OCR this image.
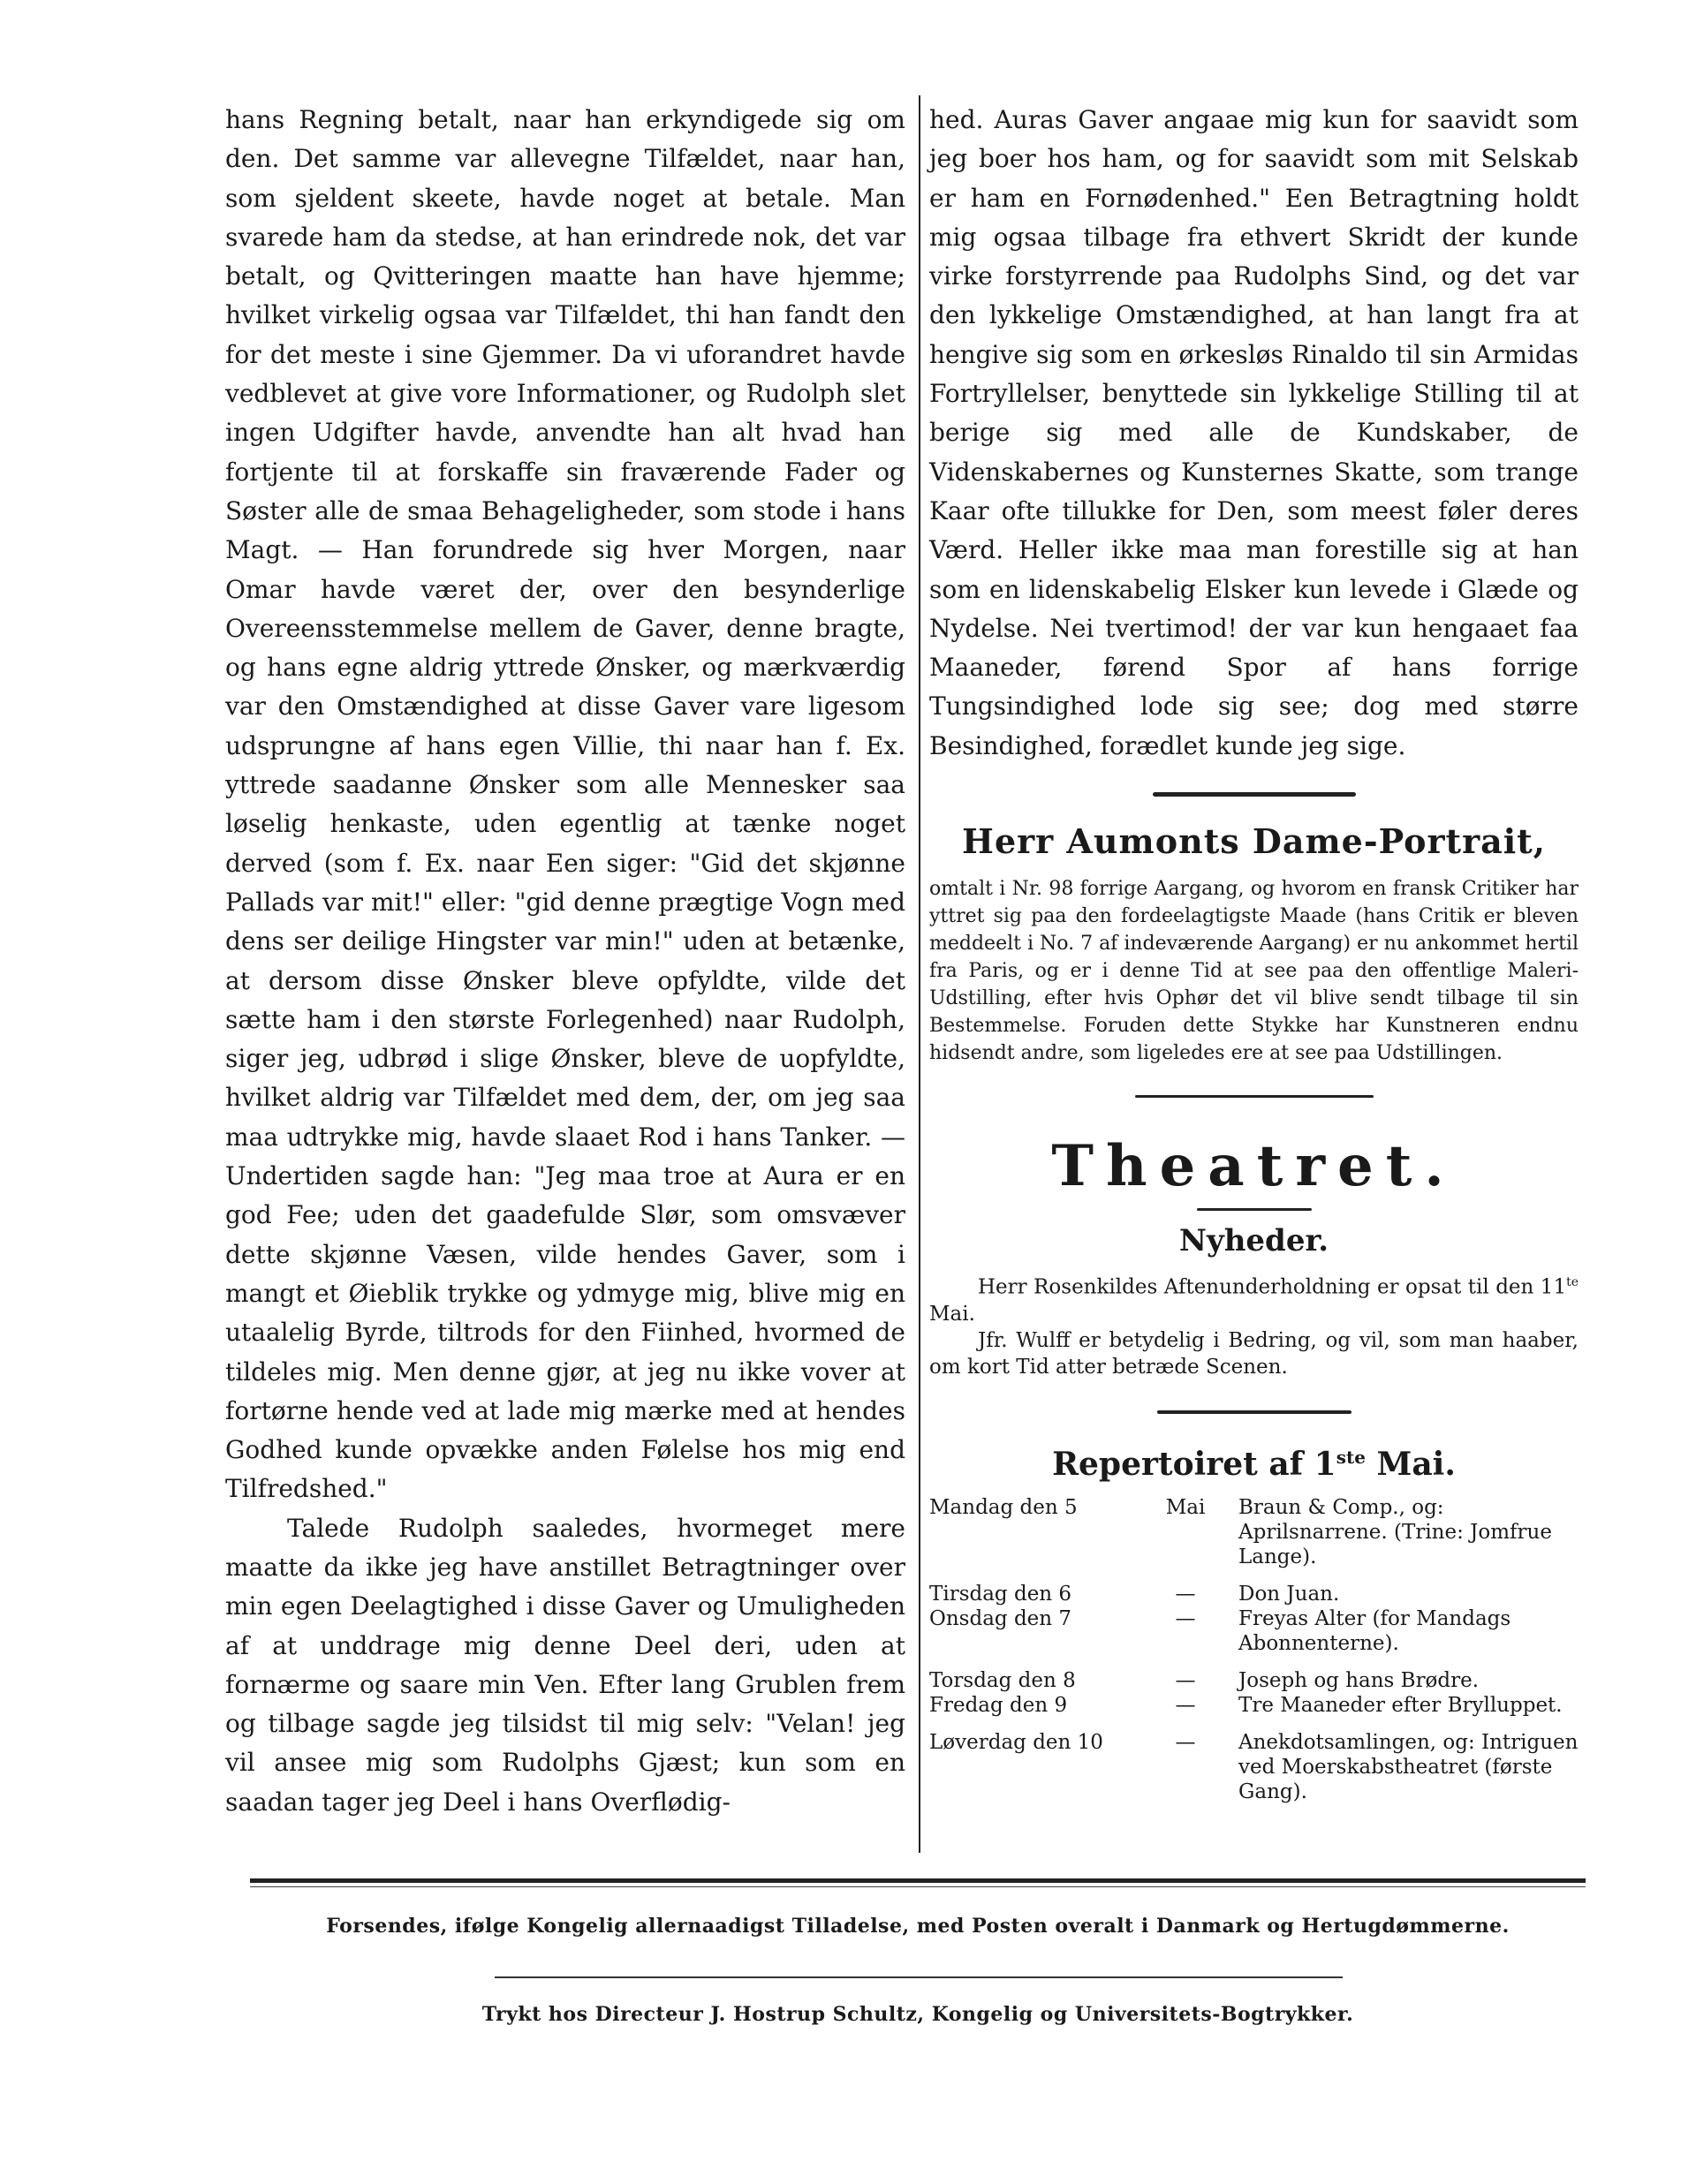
hans Regning betalt, naar han erkyndigede sig om den. Det samme var allevegne Tilfældet, naar han, som sjeldent skeete, havde noget at betale. Man svarede ham da stedse, at han erindrede nok, det var betalt, og Qvitteringen maatte han have hjemme; hvilket virkelig ogsaa var Tilfældet, thi han fandt den for det meste i sine Gjemmer. Da vi uforandret havde vedblevet at give vore Informationer, og Rudolph slet ingen Udgifter havde, anvendte han alt hvad han fortjente til at forskaffe sin fraværende Fader og Søster alle de smaa Behageligheder, som stode i hans Magt. — Han forundrede sig hver Morgen, naar Omar havde været der, over den besynderlige Overeensstemmelse mellem de Gaver, denne bragte, og hans egne aldrig yttrede Ønsker, og mærkværdig var den Omstændighed at disse Gaver vare ligesom udsprungne af hans egen Villie, thi naar han f. Ex. yttrede saadanne Ønsker som alle Mennesker saa løselig henkaste, uden egentlig at tænke noget derved (som f. Ex. naar Een siger: "Gid det skjønne Pallads var mit!" eller: "gid denne prægtige Vogn med dens ser deilige Hingster var min!" uden at betænke, at dersom disse Ønsker bleve opfyldte, vilde det sætte ham i den største Forlegenhed) naar Rudolph, siger jeg, udbrød i slige Ønsker, bleve de uopfyldte, hvilket aldrig var Tilfældet med dem, der, om jeg saa maa udtrykke mig, havde slaaet Rod i hans Tanker. — Undertiden sagde han: "Jeg maa troe at Aura er en god Fee; uden det gaadefulde Slør, som omsvæver dette skjønne Væsen, vilde hendes Gaver, som i mangt et Øieblik trykke og ydmyge mig, blive mig en utaalelig Byrde, tiltrods for den Fiinhed, hvormed de tildeles mig. Men denne gjør, at jeg nu ikke vover at fortørne hende ved at lade mig mærke med at hendes Godhed kunde opvække anden Følelse hos mig end Tilfredshed."

Talede Rudolph saaledes, hvormeget mere maatte da ikke jeg have anstillet Betragtninger over min egen Deelagtighed i disse Gaver og Umuligheden af at unddrage mig denne Deel deri, uden at fornærme og saare min Ven. Efter lang Grublen frem og tilbage sagde jeg tilsidst til mig selv: "Velan! jeg vil ansee mig som Rudolphs Gjæst; kun som en saadan tager jeg Deel i hans Overflødig-

hed. Auras Gaver angaae mig kun for saavidt som jeg boer hos ham, og for saavidt som mit Selskab er ham en Fornødenhed." Een Betragtning holdt mig ogsaa tilbage fra ethvert Skridt der kunde virke forstyrrende paa Rudolphs Sind, og det var den lykkelige Omstændighed, at han langt fra at hengive sig som en ørkesløs Rinaldo til sin Armidas Fortryllelser, benyttede sin lykkelige Stilling til at berige sig med alle de Kundskaber, de Videnskabernes og Kunsternes Skatte, som trange Kaar ofte tillukke for Den, som meest føler deres Værd. Heller ikke maa man forestille sig at han som en lidenskabelig Elsker kun levede i Glæde og Nydelse. Nei tvertimod! der var kun hengaaet faa Maaneder, førend Spor af hans forrige Tungsindighed lode sig see; dog med større Besindighed, forædlet kunde jeg sige.

Herr Aumonts Dame-Portrait,

omtalt i Nr. 98 forrige Aargang, og hvorom en fransk Critiker har yttret sig paa den fordeelagtigste Maade (hans Critik er bleven meddeelt i No. 7 af indeværende Aargang) er nu ankommet hertil fra Paris, og er i denne Tid at see paa den offentlige Maleri-Udstilling, efter hvis Ophør det vil blive sendt tilbage til sin Bestemmelse. Foruden dette Stykke har Kunstneren endnu hidsendt andre, som ligeledes ere at see paa Udstillingen.

Theatret.
Nyheder.

Herr Rosenkildes Aftenunderholdning er opsat til den $11^{te}$ Mai.

Jfr. Wulff er betydelig i Bedring, og vil, som man haaber, om kort Tid atter betræde Scenen.

Repertoiret af 1ste Mai.
Mandag den 5	Mai	Braun & Comp., og: Aprilsnarrene. (Trine: Jomfrue Lange).
Tirsdag den 6	—	Don Juan.
Onsdag den 7	—	Freyas Alter (for Mandags Abonnenterne).
Torsdag den 8	—	Joseph og hans Brødre.
Fredag den 9	—	Tre Maaneder efter Brylluppet.
Løverdag den 10	—	Anekdotsamlingen, og: Intriguen ved Moerskabstheatret (første Gang).
Forsendes, ifølge Kongelig allernaadigst Tilladelse, med Posten overalt i Danmark og Hertugdømmerne.
Trykt hos Directeur J. Hostrup Schultz, Kongelig og Universitets-Bogtrykker.
